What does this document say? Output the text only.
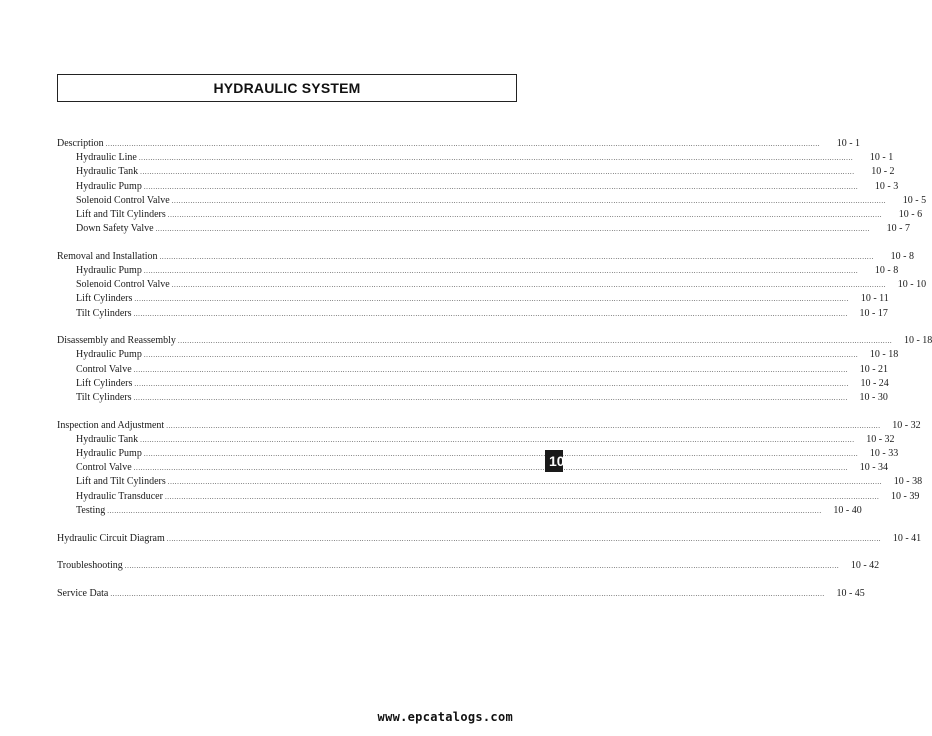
HYDRAULIC SYSTEM
Description .....	10 - 1
Hydraulic Line .....	10 - 1
Hydraulic Tank .....	10 - 2
Hydraulic Pump .....	10 - 3
Solenoid Control Valve .....	10 - 5
Lift and Tilt Cylinders .....	10 - 6
Down Safety Valve .....	10 - 7
Removal and Installation .....	10 - 8
Hydraulic Pump .....	10 - 8
Solenoid Control Valve .....	10 - 10
Lift Cylinders .....	10 - 11
Tilt Cylinders .....	10 - 17
Disassembly and Reassembly .....	10 - 18
Hydraulic Pump .....	10 - 18
Control Valve .....	10 - 21
Lift Cylinders .....	10 - 24
Tilt Cylinders .....	10 - 30
Inspection and Adjustment .....	10 - 32
Hydraulic Tank .....	10 - 32
Hydraulic Pump .....	10 - 33
Control Valve .....	10 - 34
Lift and Tilt Cylinders .....	10 - 38
Hydraulic Transducer .....	10 - 39
Testing .....	10 - 40
Hydraulic Circuit Diagram .....	10 - 41
Troubleshooting .....	10 - 42
Service Data .....	10 - 45
10
www.epcatalogs.com
